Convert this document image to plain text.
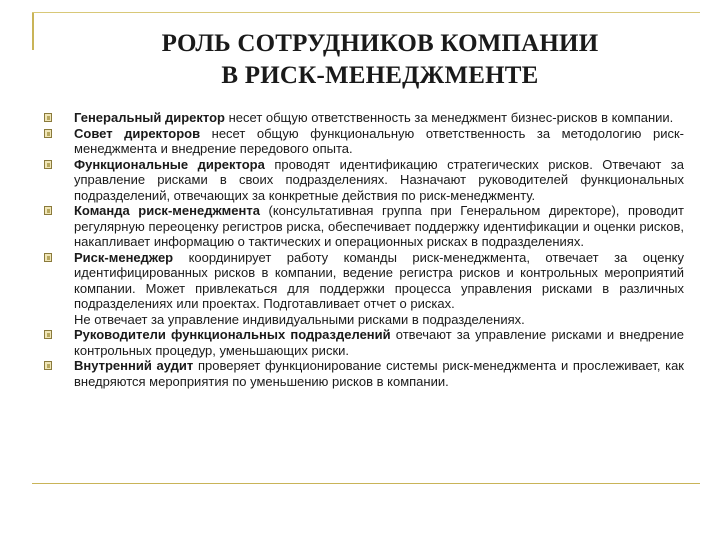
РОЛЬ СОТРУДНИКОВ КОМПАНИИ
В РИСК-МЕНЕДЖМЕНТЕ
Генеральный директор несет общую ответственность за менеджмент бизнес-рисков в компании.
Совет директоров несет общую функциональную ответственность за методологию риск-менеджмента и внедрение передового опыта.
Функциональные директора проводят идентификацию стратегических рисков. Отвечают за управление рисками в своих подразделениях. Назначают руководителей функциональных подразделений, отвечающих за конкретные действия по риск-менеджменту.
Команда риск-менеджмента (консультативная группа при Генеральном директоре), проводит регулярную переоценку регистров риска, обеспечивает поддержку идентификации и оценки рисков, накапливает информацию о тактических и операционных рисках в подразделениях.
Риск-менеджер координирует работу команды риск-менеджмента, отвечает за оценку идентифицированных рисков в компании, ведение регистра рисков и контрольных мероприятий компании. Может привлекаться для поддержки процесса управления рисками в различных подразделениях или проектах. Подготавливает отчет о рисках.
Не отвечает за управление индивидуальными рисками в подразделениях.
Руководители функциональных подразделений отвечают за управление рисками и внедрение контрольных процедур, уменьшающих риски.
Внутренний аудит проверяет функционирование системы риск-менеджмента и прослеживает, как внедряются мероприятия по уменьшению рисков в компании.
